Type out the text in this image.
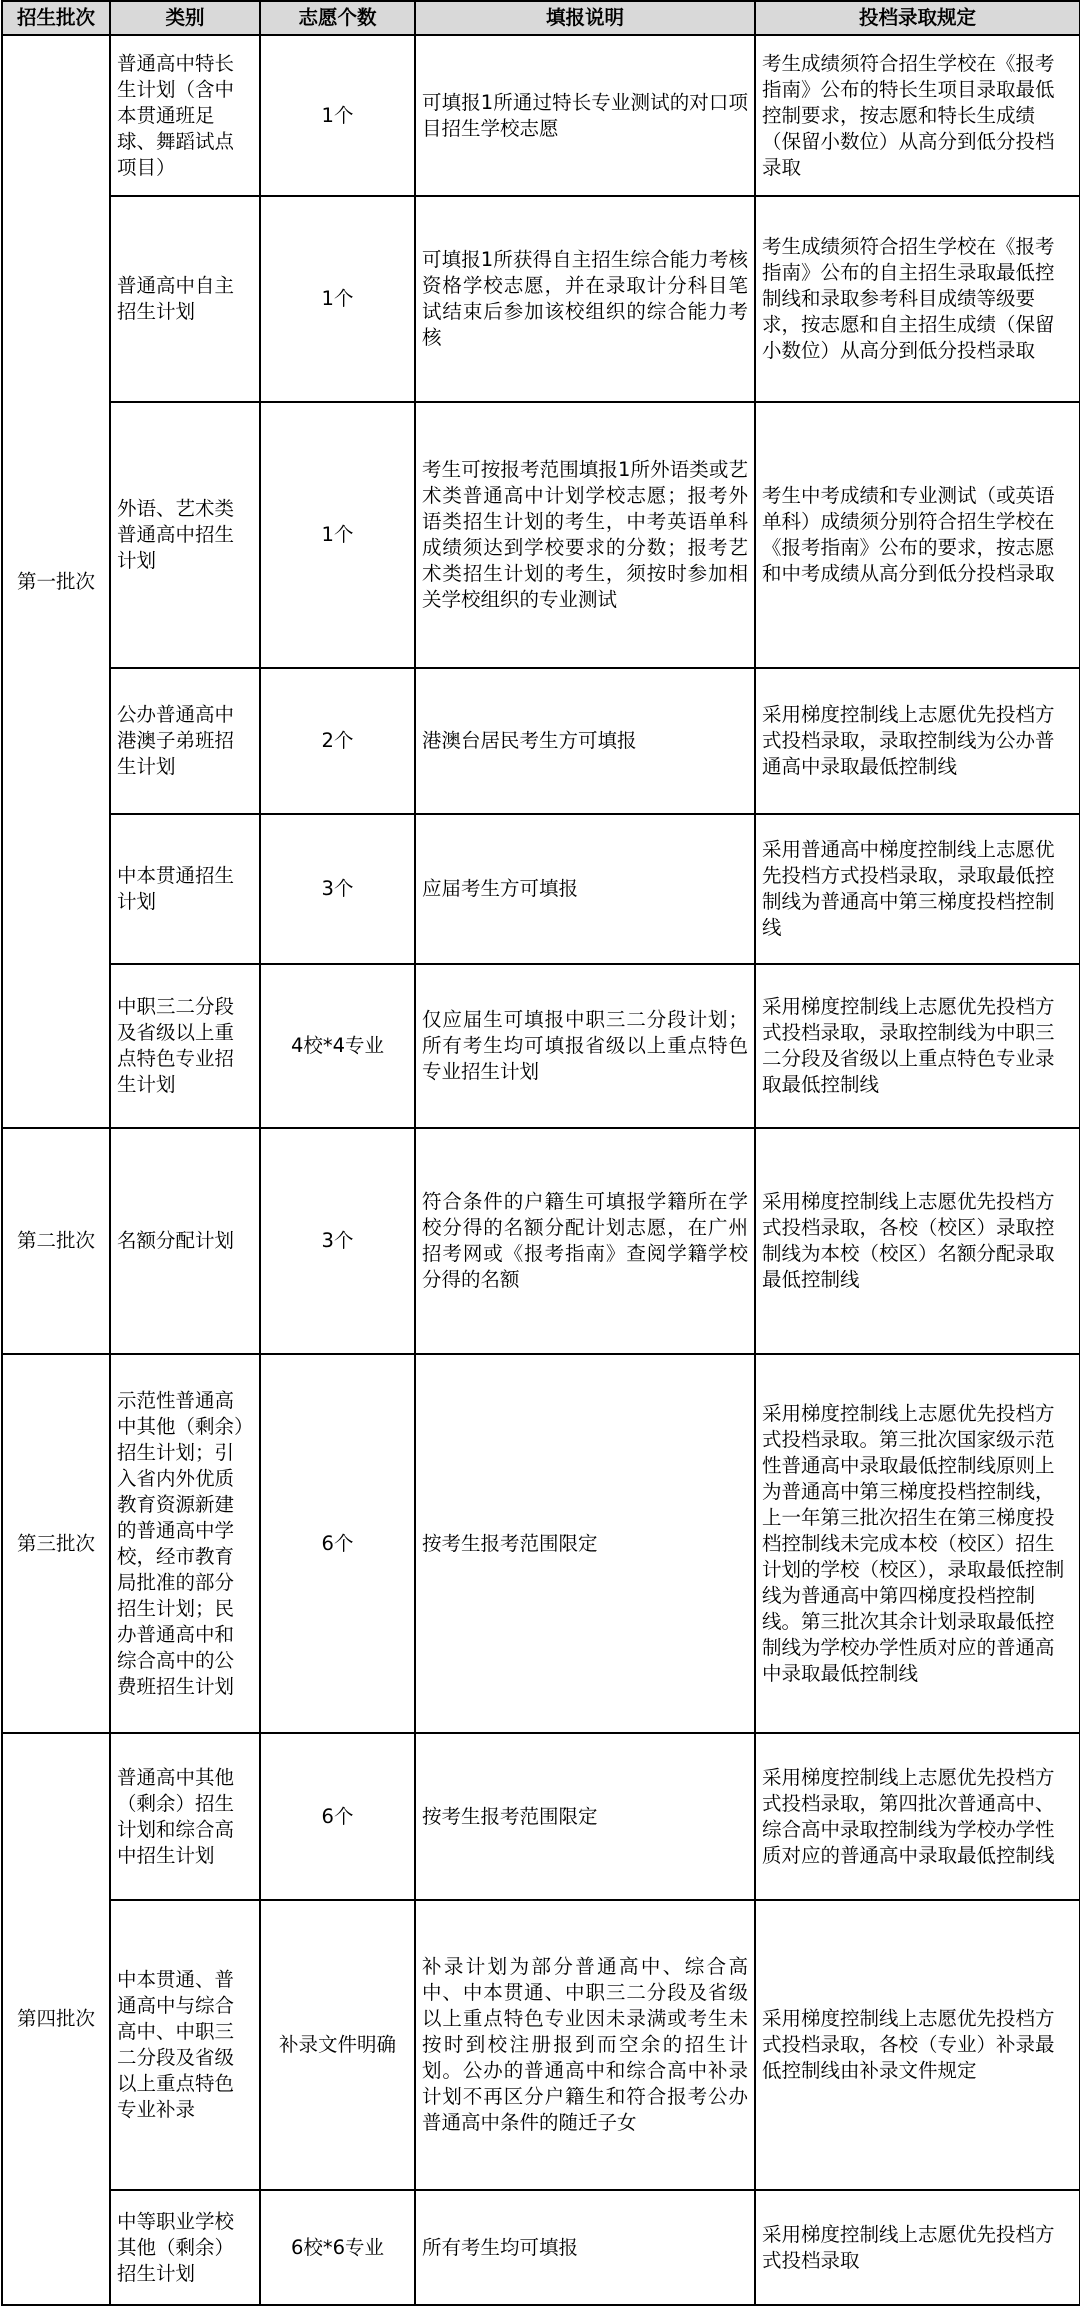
招生批次	类别	志愿个数	填报说明	投档录取规定
第一批次	普通高中特长生计划（含中本贯通班足球、舞蹈试点项目）	1个	可填报1所通过特长专业测试的对口项目招生学校志愿	考生成绩须符合招生学校在《报考指南》公布的特长生项目录取最低控制要求，按志愿和特长生成绩（保留小数位）从高分到低分投档录取
	普通高中自主招生计划	1个	可填报1所获得自主招生综合能力考核资格学校志愿，并在录取计分科目笔试结束后参加该校组织的综合能力考核	考生成绩须符合招生学校在《报考指南》公布的自主招生录取最低控制线和录取参考科目成绩等级要求，按志愿和自主招生成绩（保留小数位）从高分到低分投档录取
	外语、艺术类普通高中招生计划	1个	考生可按报考范围填报1所外语类或艺术类普通高中计划学校志愿；报考外语类招生计划的考生，中考英语单科成绩须达到学校要求的分数；报考艺术类招生计划的考生，须按时参加相关学校组织的专业测试	考生中考成绩和专业测试（或英语单科）成绩须分别符合招生学校在《报考指南》公布的要求，按志愿和中考成绩从高分到低分投档录取
	公办普通高中港澳子弟班招生计划	2个	港澳台居民考生方可填报	采用梯度控制线上志愿优先投档方式投档录取，录取控制线为公办普通高中录取最低控制线
	中本贯通招生计划	3个	应届考生方可填报	采用普通高中梯度控制线上志愿优先投档方式投档录取，录取最低控制线为普通高中第三梯度投档控制线
	中职三二分段及省级以上重点特色专业招生计划	4校*4专业	仅应届生可填报中职三二分段计划；所有考生均可填报省级以上重点特色专业招生计划	采用梯度控制线上志愿优先投档方式投档录取，录取控制线为中职三二分段及省级以上重点特色专业录取最低控制线
第二批次	名额分配计划	3个	符合条件的户籍生可填报学籍所在学校分得的名额分配计划志愿，在广州招考网或《报考指南》查阅学籍学校分得的名额	采用梯度控制线上志愿优先投档方式投档录取，各校（校区）录取控制线为本校（校区）名额分配录取最低控制线
第三批次	示范性普通高中其他（剩余）招生计划；引入省内外优质教育资源新建的普通高中学校，经市教育局批准的部分招生计划；民办普通高中和综合高中的公费班招生计划	6个	按考生报考范围限定	采用梯度控制线上志愿优先投档方式投档录取。第三批次国家级示范性普通高中录取最低控制线原则上为普通高中第三梯度投档控制线，上一年第三批次招生在第三梯度投档控制线未完成本校（校区）招生计划的学校（校区），录取最低控制线为普通高中第四梯度投档控制线。第三批次其余计划录取最低控制线为学校办学性质对应的普通高中录取最低控制线
第四批次	普通高中其他（剩余）招生计划和综合高中招生计划	6个	按考生报考范围限定	采用梯度控制线上志愿优先投档方式投档录取，第四批次普通高中、综合高中录取控制线为学校办学性质对应的普通高中录取最低控制线
	中本贯通、普通高中与综合高中、中职三二分段及省级以上重点特色专业补录	补录文件明确	补录计划为部分普通高中、综合高中、中本贯通、中职三二分段及省级以上重点特色专业因未录满或考生未按时到校注册报到而空余的招生计划。公办的普通高中和综合高中补录计划不再区分户籍生和符合报考公办普通高中条件的随迁子女	采用梯度控制线上志愿优先投档方式投档录取，各校（专业）补录最低控制线由补录文件规定
	中等职业学校其他（剩余）招生计划	6校*6专业	所有考生均可填报	采用梯度控制线上志愿优先投档方式投档录取
